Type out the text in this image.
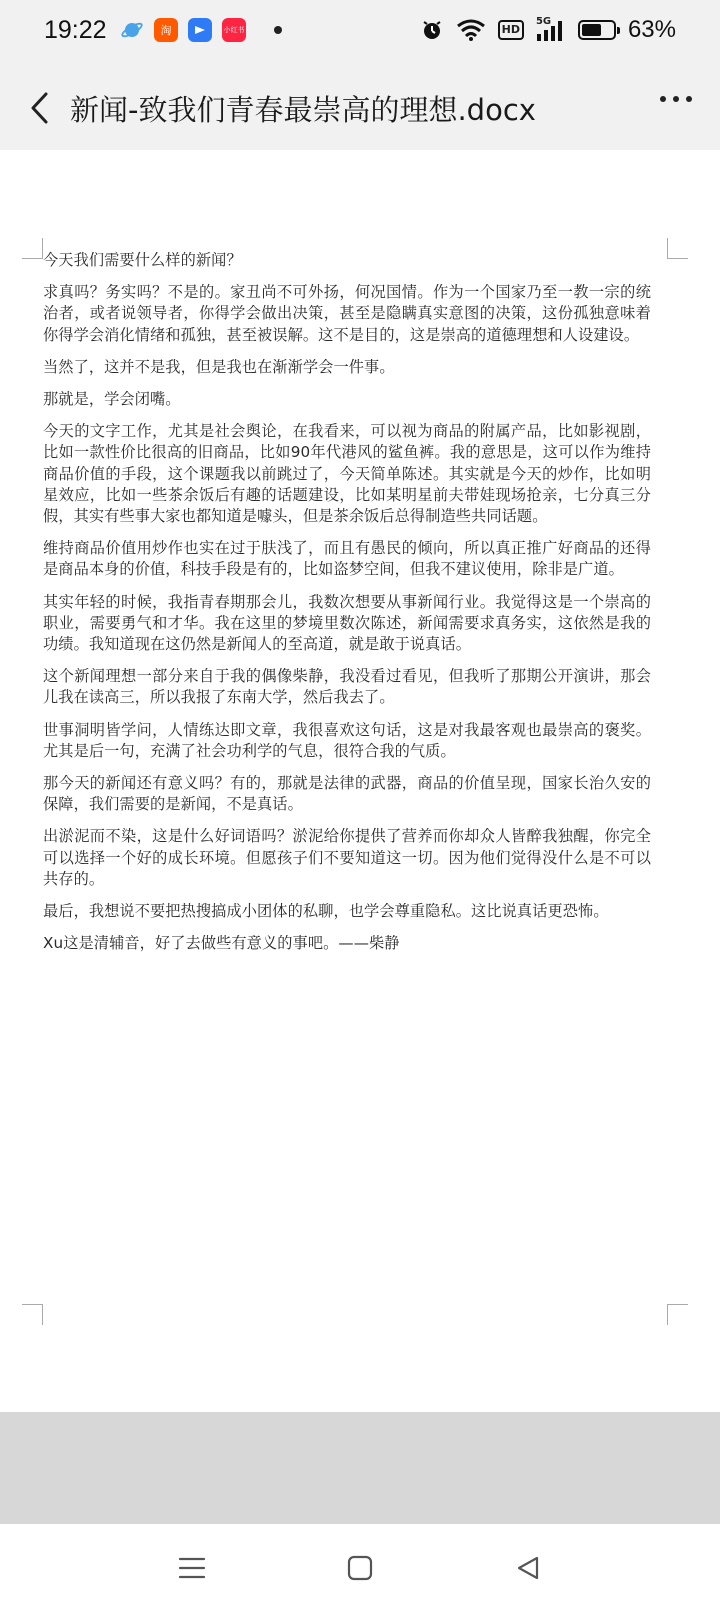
19:22	淘	小红书	HD
5G	63%
新闻-致我们青春最崇高的理想.docx

今天我们需要什么样的新闻？

求真吗？务实吗？不是的。家丑尚不可外扬，何况国情。作为一个国家乃至一教一宗的统治者，或者说领导者，你得学会做出决策，甚至是隐瞒真实意图的决策，这份孤独意味着你得学会消化情绪和孤独，甚至被误解。这不是目的，这是崇高的道德理想和人设建设。

当然了，这并不是我，但是我也在渐渐学会一件事。

那就是，学会闭嘴。

今天的文字工作，尤其是社会舆论，在我看来，可以视为商品的附属产品，比如影视剧，比如一款性价比很高的旧商品，比如90年代港风的鲨鱼裤。我的意思是，这可以作为维持商品价值的手段，这个课题我以前跳过了，今天简单陈述。其实就是今天的炒作，比如明星效应，比如一些茶余饭后有趣的话题建设，比如某明星前夫带娃现场抢亲，七分真三分假，其实有些事大家也都知道是噱头，但是茶余饭后总得制造些共同话题。

维持商品价值用炒作也实在过于肤浅了，而且有愚民的倾向，所以真正推广好商品的还得是商品本身的价值，科技手段是有的，比如盗梦空间，但我不建议使用，除非是广道。

其实年轻的时候，我指青春期那会儿，我数次想要从事新闻行业。我觉得这是一个崇高的职业，需要勇气和才华。我在这里的梦境里数次陈述，新闻需要求真务实，这依然是我的功绩。我知道现在这仍然是新闻人的至高道，就是敢于说真话。

这个新闻理想一部分来自于我的偶像柴静，我没看过看见，但我听了那期公开演讲，那会儿我在读高三，所以我报了东南大学，然后我去了。

世事洞明皆学问，人情练达即文章，我很喜欢这句话，这是对我最客观也最崇高的褒奖。尤其是后一句，充满了社会功利学的气息，很符合我的气质。

那今天的新闻还有意义吗？有的，那就是法律的武器，商品的价值呈现，国家长治久安的保障，我们需要的是新闻，不是真话。

出淤泥而不染，这是什么好词语吗？淤泥给你提供了营养而你却众人皆醉我独醒，你完全可以选择一个好的成长环境。但愿孩子们不要知道这一切。因为他们觉得没什么是不可以共存的。

最后，我想说不要把热搜搞成小团体的私聊，也学会尊重隐私。这比说真话更恐怖。

Xu这是清辅音，好了去做些有意义的事吧。——柴静
